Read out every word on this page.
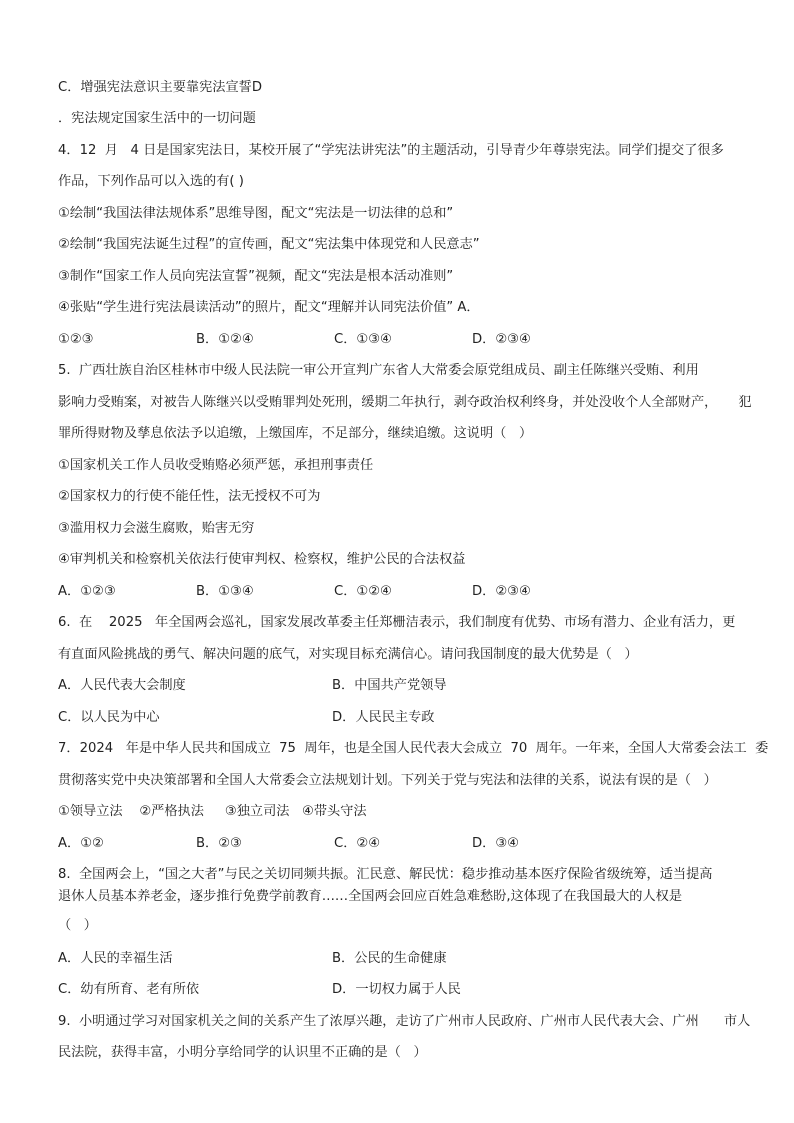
C．增强宪法意识主要靠宪法宣誓D
．宪法规定国家生活中的一切问题
4．12  月   4 日是国家宪法日，某校开展了“学宪法讲宪法”的主题活动，引导青少年尊崇宪法。同学们提交了很多
作品，下列作品可以入选的有( )
①绘制“我国法律法规体系”思维导图，配文“宪法是一切法律的总和”
②绘制“我国宪法诞生过程”的宣传画，配文“宪法集中体现党和人民意志”
③制作“国家工作人员向宪法宣誓”视频，配文“宪法是根本活动准则”
④张贴“学生进行宪法晨读活动”的照片，配文“理解并认同宪法价值” A．
①②③	B．①②④	C．①③④	D．②③④
5.  广西壮族自治区桂林市中级人民法院一审公开宣判广东省人大常委会原党组成员、副主任陈继兴受贿、利用
影响力受贿案，对被告人陈继兴以受贿罪判处死刑，缓期二年执行，剥夺政治权利终身，并处没收个人全部财产，     犯
罪所得财物及孳息依法予以追缴，上缴国库，不足部分，继续追缴。这说明（   ）
①国家机关工作人员收受贿赂必须严惩，承担刑事责任
②国家权力的行使不能任性，法无授权不可为
③滥用权力会滋生腐败，贻害无穷
④审判机关和检察机关依法行使审判权、检察权，维护公民的合法权益
A．①②③	B．①③④	C．①②④	D．②③④
6.  在    2025   年全国两会巡礼，国家发展改革委主任郑栅洁表示，我们制度有优势、市场有潜力、企业有活力，更
有直面风险挑战的勇气、解决问题的底气，对实现目标充满信心。请问我国制度的最大优势是（   ）
A．人民代表大会制度	B．中国共产党领导
C．以人民为中心	D．人民民主专政
7．2024   年是中华人民共和国成立  75  周年，也是全国人民代表大会成立  70  周年。一年来，全国人大常委会法工  委
贯彻落实党中央决策部署和全国人大常委会立法规划计划。下列关于党与宪法和法律的关系，说法有误的是（   ）
①领导立法    ②严格执法     ③独立司法   ④带头守法
A．①②	B．②③	C．②④	D．③④
8.  全国两会上，“国之大者”与民之关切同频共振。汇民意、解民忧：稳步推动基本医疗保险省级统筹，适当提高
退休人员基本养老金，逐步推行免费学前教育……全国两会回应百姓急难愁盼,这体现了在我国最大的人权是
（   ）
A．人民的幸福生活	B．公民的生命健康
C．幼有所育、老有所依	D．一切权力属于人民
9.  小明通过学习对国家机关之间的关系产生了浓厚兴趣，走访了广州市人民政府、广州市人民代表大会、广州      市人
民法院，获得丰富，小明分享给同学的认识里不正确的是（   ）
